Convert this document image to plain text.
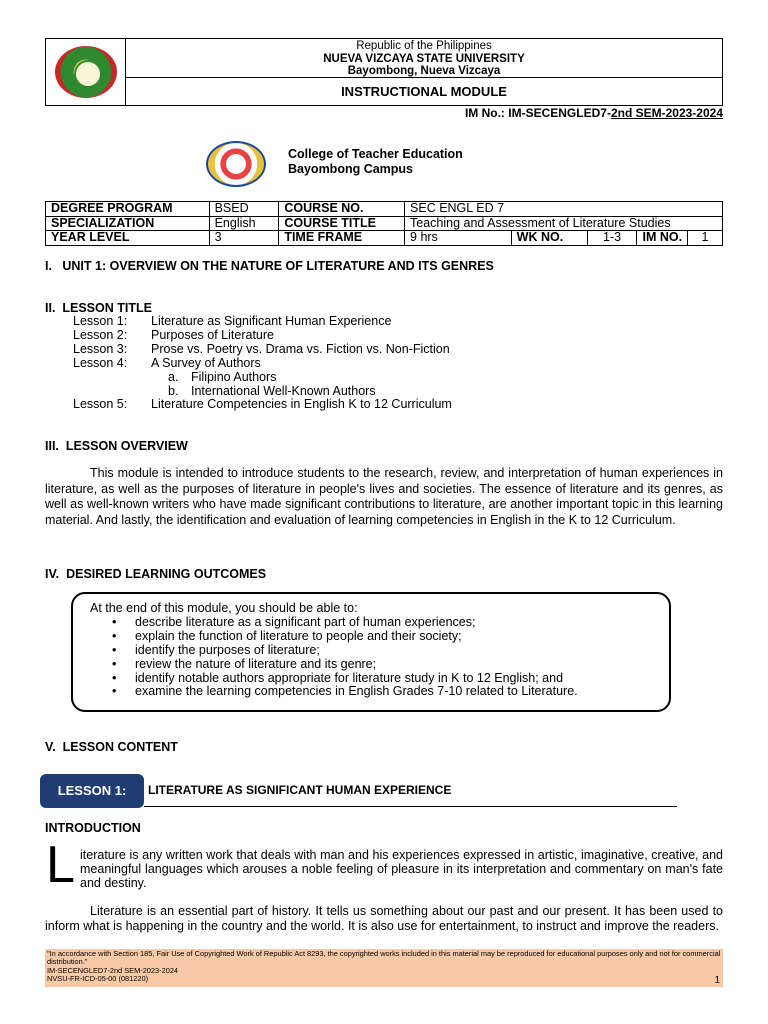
Republic of the Philippines
NUEVA VIZCAYA STATE UNIVERSITY
Bayombong, Nueva Vizcaya
INSTRUCTIONAL MODULE
IM No.: IM-SECENGLED7-2nd SEM-2023-2024
College of Teacher Education
Bayombong Campus
DEGREE PROGRAM	BSED	COURSE NO.	SEC ENGL ED 7				
SPECIALIZATION	English	COURSE TITLE	Teaching and Assessment of Literature Studies				
YEAR LEVEL	3	TIME FRAME	9 hrs	WK NO.	1-3	IM NO.	1
I.   UNIT 1: OVERVIEW ON THE NATURE OF LITERATURE AND ITS GENRES
II.  LESSON TITLE
Lesson 1:	Literature as Significant Human Experience
Lesson 2:	Purposes of Literature
Lesson 3:	Prose vs. Poetry vs. Drama vs. Fiction vs. Non-Fiction
Lesson 4:	A Survey of Authors
a.	Filipino Authors
b.	International Well-Known Authors
Lesson 5:	Literature Competencies in English K to 12 Curriculum
III.  LESSON OVERVIEW
This module is intended to introduce students to the research, review, and interpretation of human experiences in literature, as well as the purposes of literature in people's lives and societies. The essence of literature and its genres, as well as well-known writers who have made significant contributions to literature, are another important topic in this learning material. And lastly, the identification and evaluation of learning competencies in English in the K to 12 Curriculum.
IV.  DESIRED LEARNING OUTCOMES
At the end of this module, you should be able to:
• describe literature as a significant part of human experiences;
• explain the function of literature to people and their society;
• identify the purposes of literature;
• review the nature of literature and its genre;
• identify notable authors appropriate for literature study in K to 12 English; and
• examine the learning competencies in English Grades 7-10 related to Literature.
V.  LESSON CONTENT
LESSON 1:	LITERATURE AS SIGNIFICANT HUMAN EXPERIENCE
INTRODUCTION
L iterature is any written work that deals with man and his experiences expressed in artistic, imaginative, creative, and meaningful languages which arouses a noble feeling of pleasure in its interpretation and commentary on man's fate and destiny.
Literature is an essential part of history. It tells us something about our past and our present. It has been used to inform what is happening in the country and the world. It is also use for entertainment, to instruct and improve the readers.
"In accordance with Section 185, Fair Use of Copyrighted Work of Republic Act 8293, the copyrighted works included in this material may be reproduced for educational purposes only and not for commercial distribution."
IM-SECENGLED7-2nd SEM-2023-2024
NVSU-FR-ICD-05-00 (081220)	1
